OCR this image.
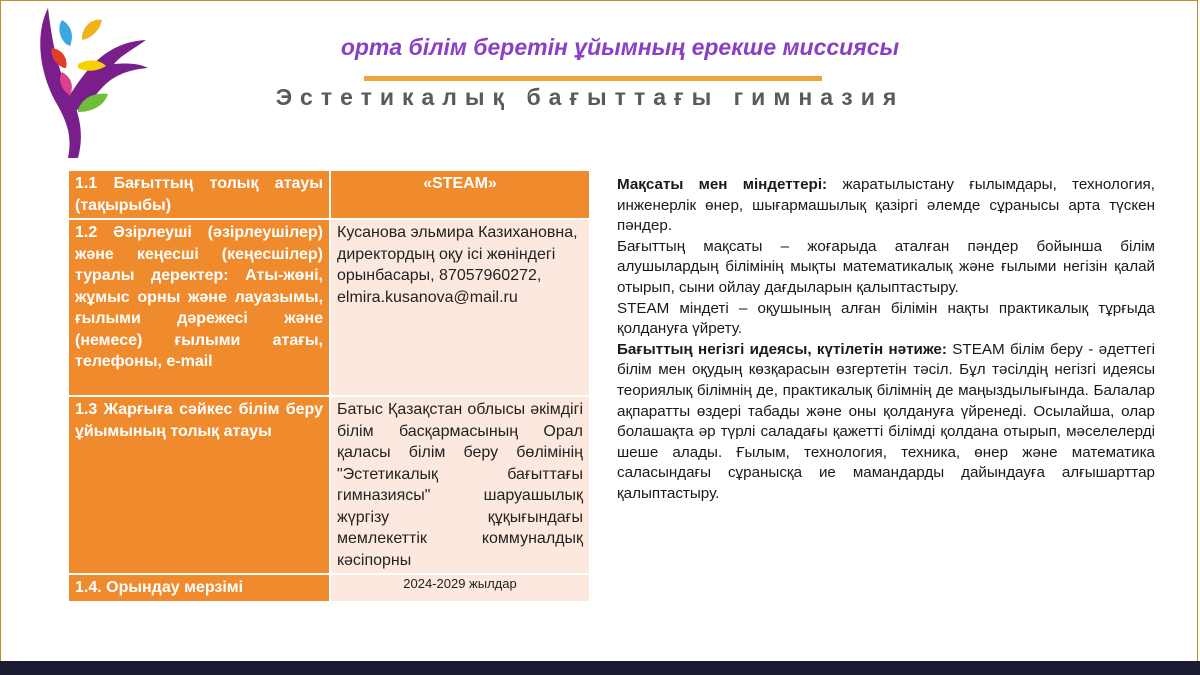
орта білім беретін ұйымның ерекше миссиясы
Эстетикалық бағыттағы гимназия
1.1 Бағыттың толық атауы (тақырыбы)	«STEAM»
1.2 Әзірлеуші (әзірлеушілер) және кеңесші (кеңесшілер) туралы деректер: Аты-жөні, жұмыс орны және лауазымы, ғылыми дәрежесі және (немесе) ғылыми атағы, телефоны, e-mail	Кусанова эльмира Казихановна, директордың оқу ісі жөніндегі орынбасары, 87057960272, elmira.kusanova@mail.ru
1.3 Жарғыға сәйкес білім беру ұйымының толық атауы	Батыс Қазақстан облысы әкімдігі білім басқармасының Орал қаласы білім беру бөлімінің "Эстетикалық бағыттағы гимназиясы" шаруашылық жүргізу құқығындағы мемлекеттік коммуналдық кәсіпорны
1.4. Орындау мерзімі	2024-2029 жылдар

Мақсаты мен міндеттері: жаратылыстану ғылымдары, технология, инженерлік өнер, шығармашылық қазіргі әлемде сұранысы арта түскен пәндер.

Бағыттың мақсаты – жоғарыда аталған пәндер бойынша білім алушылардың білімінің мықты математикалық және ғылыми негізін қалай отырып, сыни ойлау дағдыларын қалыптастыру.

STEAM міндеті – оқушының алған білімін нақты практикалық тұрғыда қолдануға үйрету.

Бағыттың негізгі идеясы, күтілетін нәтиже: STEAM білім беру - әдеттегі білім мен оқудың көзқарасын өзгертетін тәсіл. Бұл тәсілдің негізгі идеясы теориялық білімнің де, практикалық білімнің де маңыздылығында. Балалар ақпаратты өздері табады және оны қолдануға үйренеді. Осылайша, олар болашақта әр түрлі саладағы қажетті білімді қолдана отырып, мәселелерді шеше алады. Ғылым, технология, техника, өнер және математика саласындағы сұранысқа ие мамандарды дайындауға алғышарттар қалыптастыру.
